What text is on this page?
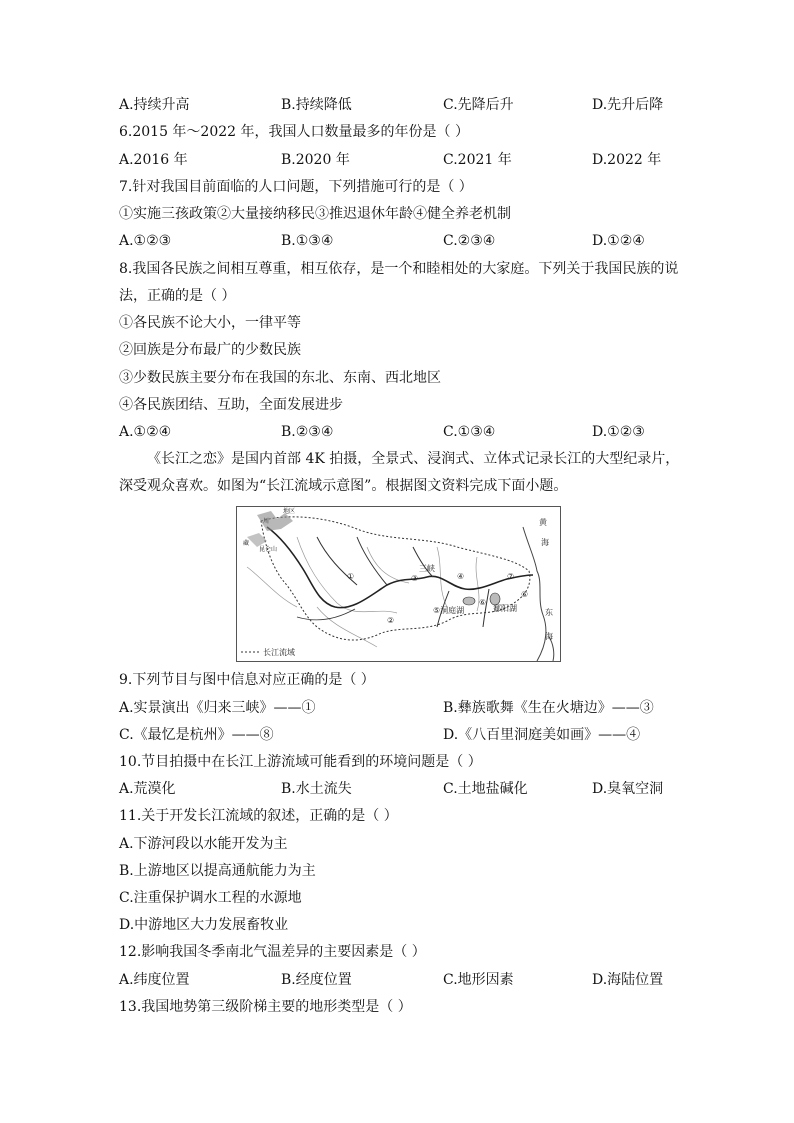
A.持续升高	B.持续降低	C.先降后升	D.先升后降
6.2015 年～2022 年，我国人口数量最多的年份是（ ）
A.2016 年	B.2020 年	C.2021 年	D.2022 年
7.针对我国目前面临的人口问题，下列措施可行的是（ ）
①实施三孩政策②大量接纳移民③推迟退休年龄④健全养老机制
A.①②③	B.①③④	C.②③④	D.①②④
8.我国各民族之间相互尊重，相互依存，是一个和睦相处的大家庭。下列关于我国民族的说
法，正确的是（ ）
①各民族不论大小，一律平等
②回族是分布最广的少数民族
③少数民族主要分布在我国的东北、东南、西北地区
④各民族团结、互助，全面发展进步
A.①②④	B.②③④	C.①③④	D.①②③
《长江之恋》是国内首部 4K 拍摄，全景式、浸润式、立体式记录长江的大型纪录片，
深受观众喜欢。如图为“长江流域示意图”。根据图文资料完成下面小题。
长江流域
地区
川
藏
昆仑山
黄
海
东
海
①
②
③
三峡
④
⑤洞庭湖
⑥
鄱阳湖
⑥
⑦
9.下列节目与图中信息对应正确的是（ ）
A.实景演出《归来三峡》——①	B.彝族歌舞《生在火塘边》——③
C.《最忆是杭州》——⑧	D.《八百里洞庭美如画》——④
10.节目拍摄中在长江上游流域可能看到的环境问题是（ ）
A.荒漠化	B.水土流失	C.土地盐碱化	D.臭氧空洞
11.关于开发长江流域的叙述，正确的是（ ）
A.下游河段以水能开发为主
B.上游地区以提高通航能力为主
C.注重保护调水工程的水源地
D.中游地区大力发展畜牧业
12.影响我国冬季南北气温差异的主要因素是（ ）
A.纬度位置	B.经度位置	C.地形因素	D.海陆位置
13.我国地势第三级阶梯主要的地形类型是（ ）
